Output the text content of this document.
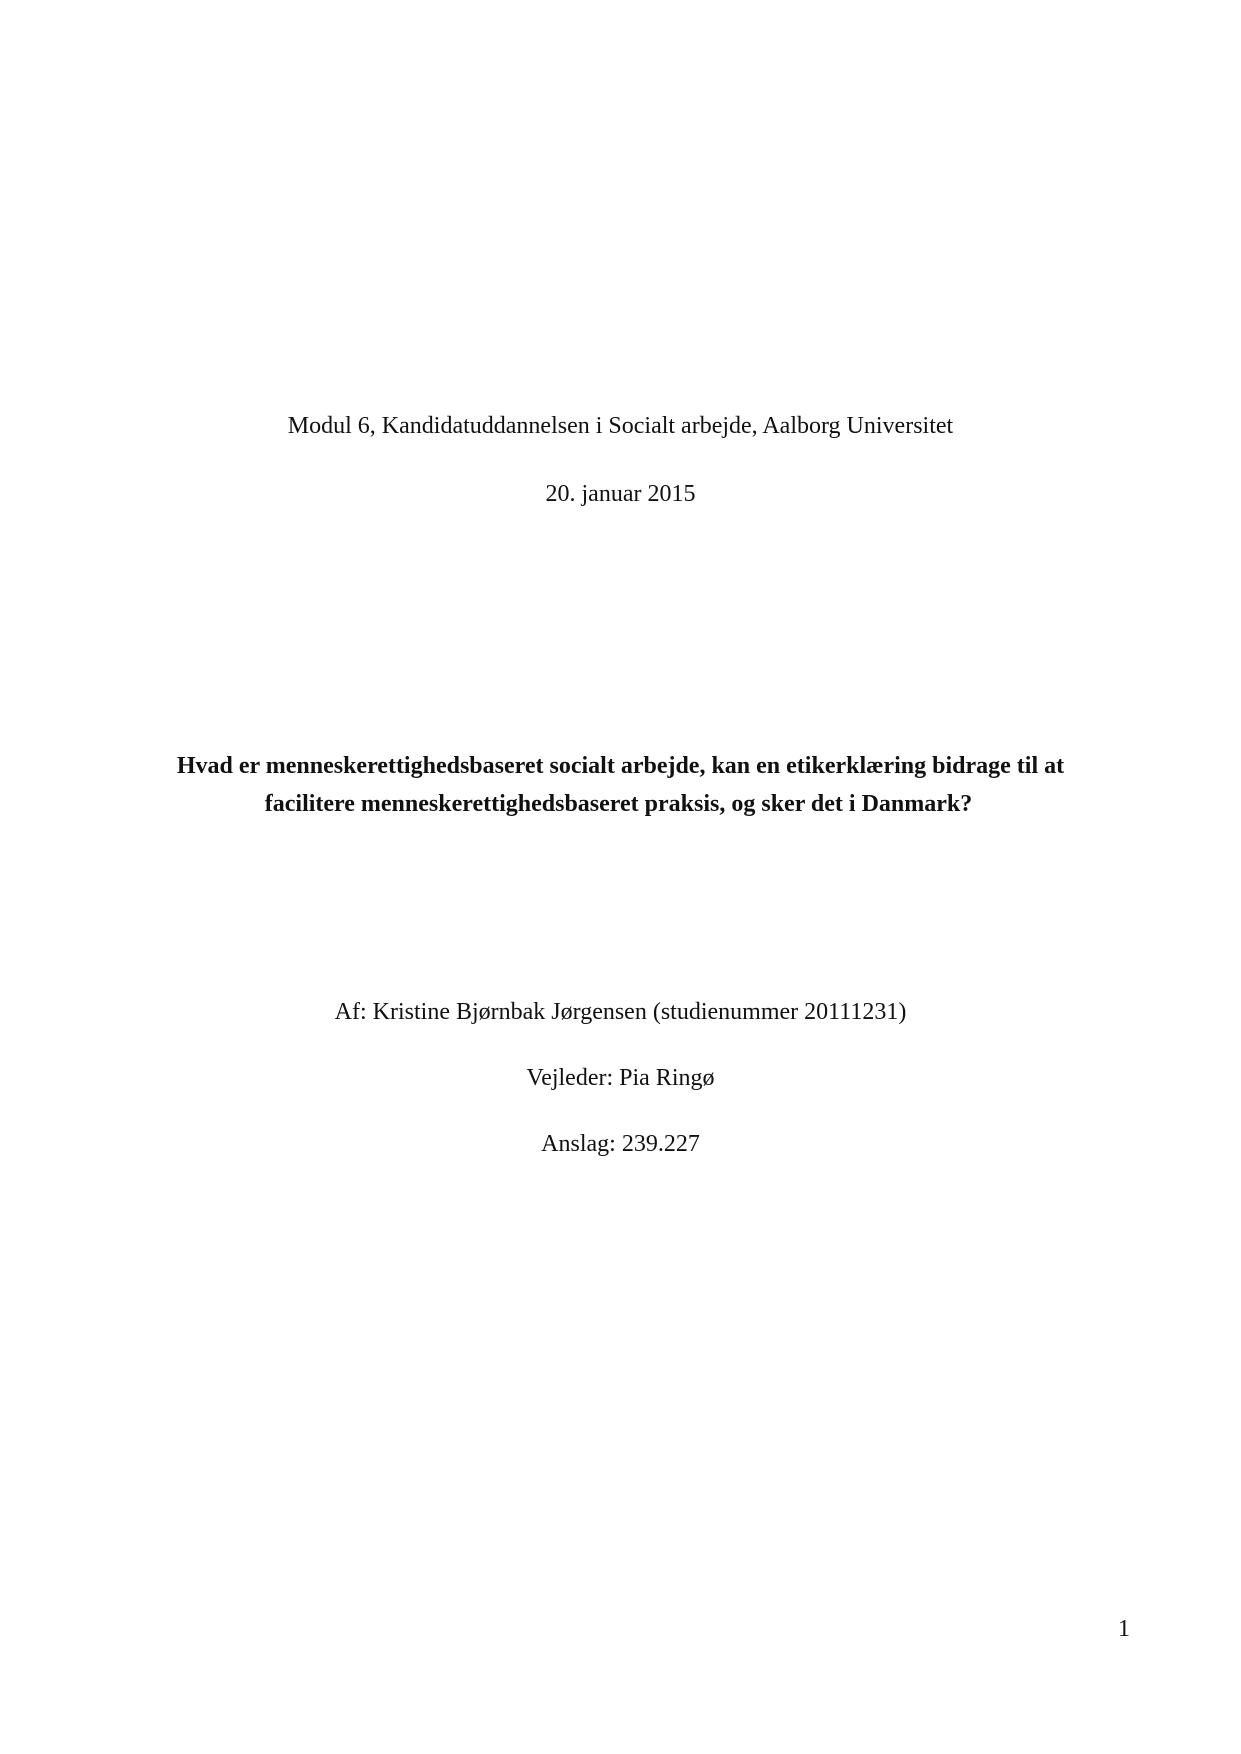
Modul 6, Kandidatuddannelsen i Socialt arbejde, Aalborg Universitet
20. januar 2015
Hvad er menneskerettighedsbaseret socialt arbejde, kan en etikerklæring bidrage til at
facilitere menneskerettighedsbaseret praksis, og sker det i Danmark?
Af: Kristine Bjørnbak Jørgensen (studienummer 20111231)
Vejleder: Pia Ringø
Anslag: 239.227
1
